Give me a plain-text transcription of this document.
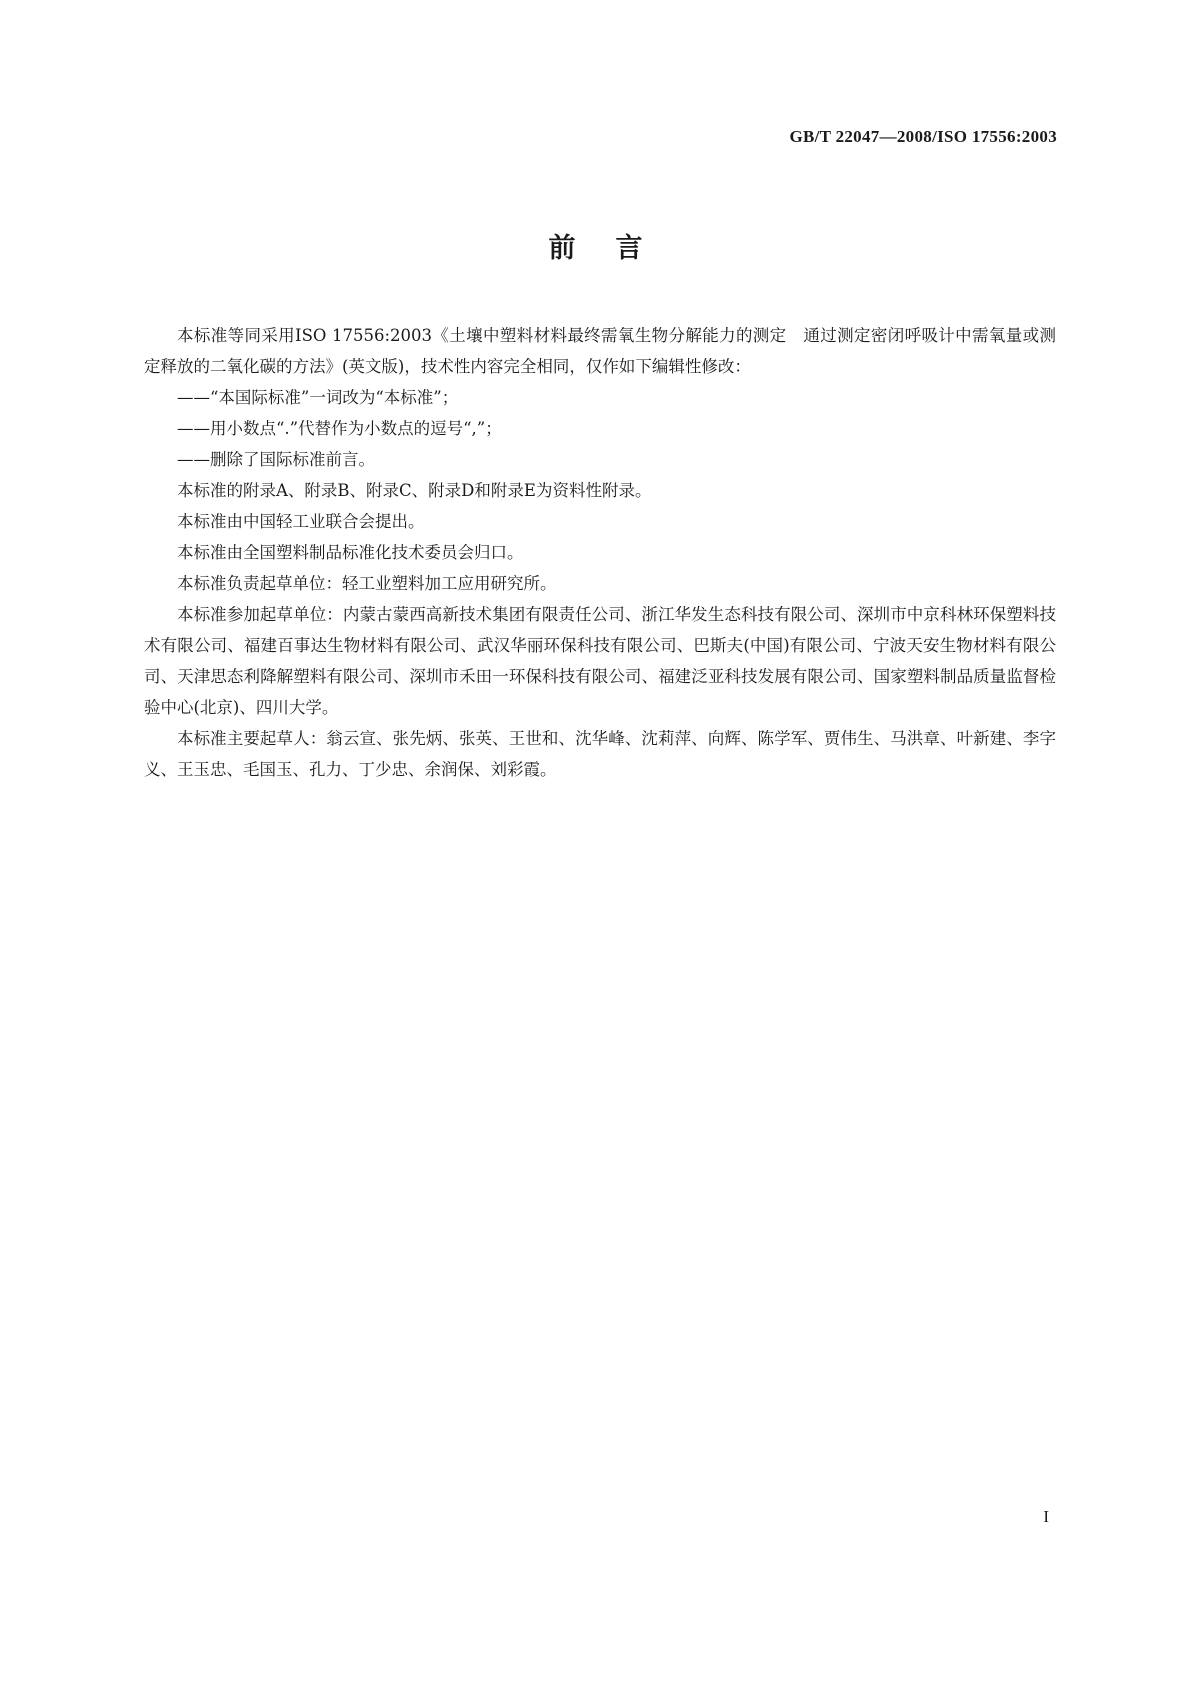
GB/T 22047—2008/ISO 17556:2003
前言

本标准等同采用ISO 17556:2003《土壤中塑料材料最终需氧生物分解能力的测定　通过测定密闭呼吸计中需氧量或测定释放的二氧化碳的方法》(英文版)，技术性内容完全相同，仅作如下编辑性修改：

——“本国际标准”一词改为“本标准”；

——用小数点“.”代替作为小数点的逗号“,”；

——删除了国际标准前言。

本标准的附录A、附录B、附录C、附录D和附录E为资料性附录。

本标准由中国轻工业联合会提出。

本标准由全国塑料制品标准化技术委员会归口。

本标准负责起草单位：轻工业塑料加工应用研究所。

本标准参加起草单位：内蒙古蒙西高新技术集团有限责任公司、浙江华发生态科技有限公司、深圳市中京科林环保塑料技术有限公司、福建百事达生物材料有限公司、武汉华丽环保科技有限公司、巴斯夫(中国)有限公司、宁波天安生物材料有限公司、天津思态利降解塑料有限公司、深圳市禾田一环保科技有限公司、福建泛亚科技发展有限公司、国家塑料制品质量监督检验中心(北京)、四川大学。

本标准主要起草人：翁云宣、张先炳、张英、王世和、沈华峰、沈莉萍、向辉、陈学军、贾伟生、马洪章、叶新建、李字义、王玉忠、毛国玉、孔力、丁少忠、余润保、刘彩霞。

I
